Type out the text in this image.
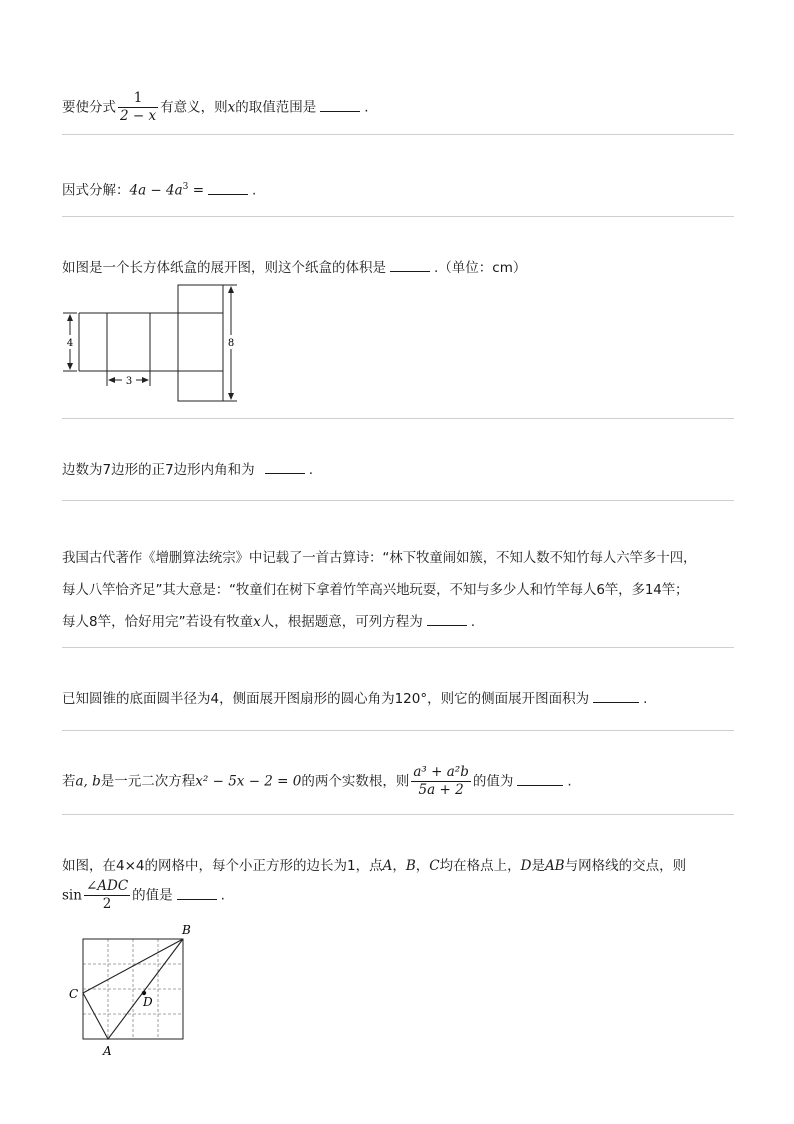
要使分式 $\frac{1}{2 - x}$ 有意义，则x的取值范围是	.
因式分解：$4a - 4a^3$ =	.
如图是一个长方体纸盒的展开图，则这个纸盒的体积是	.（单位：cm）
4	8
3
边数为7边形的正7边形内角和为	.
我国古代著作《增删算法统宗》中记载了一首古算诗：“林下牧童闹如簇，不知人数不知竹每人六竿多十四，
每人八竿恰齐足”其大意是：“牧童们在树下拿着竹竿高兴地玩耍，不知与多少人和竹竿每人6竿，多14竿；
每人8竿，恰好用完”若设有牧童x人，根据题意，可列方程为	.
已知圆锥的底面圆半径为4，侧面展开图扇形的圆心角为120°，则它的侧面展开图面积为	.
若a, b是一元二次方程x² − 5x − 2 = 0的两个实数根，则 $\frac{\text{a³ + a²b}}{5a + 2}$ 的值为	.
如图，在4×4的网格中，每个小正方形的边长为1，点A，B，C均在格点上，D是AB与网格线的交点，则
$\sin \frac{\text{∠ADC}}{2}$ 的值是	.
B
C
D
A
